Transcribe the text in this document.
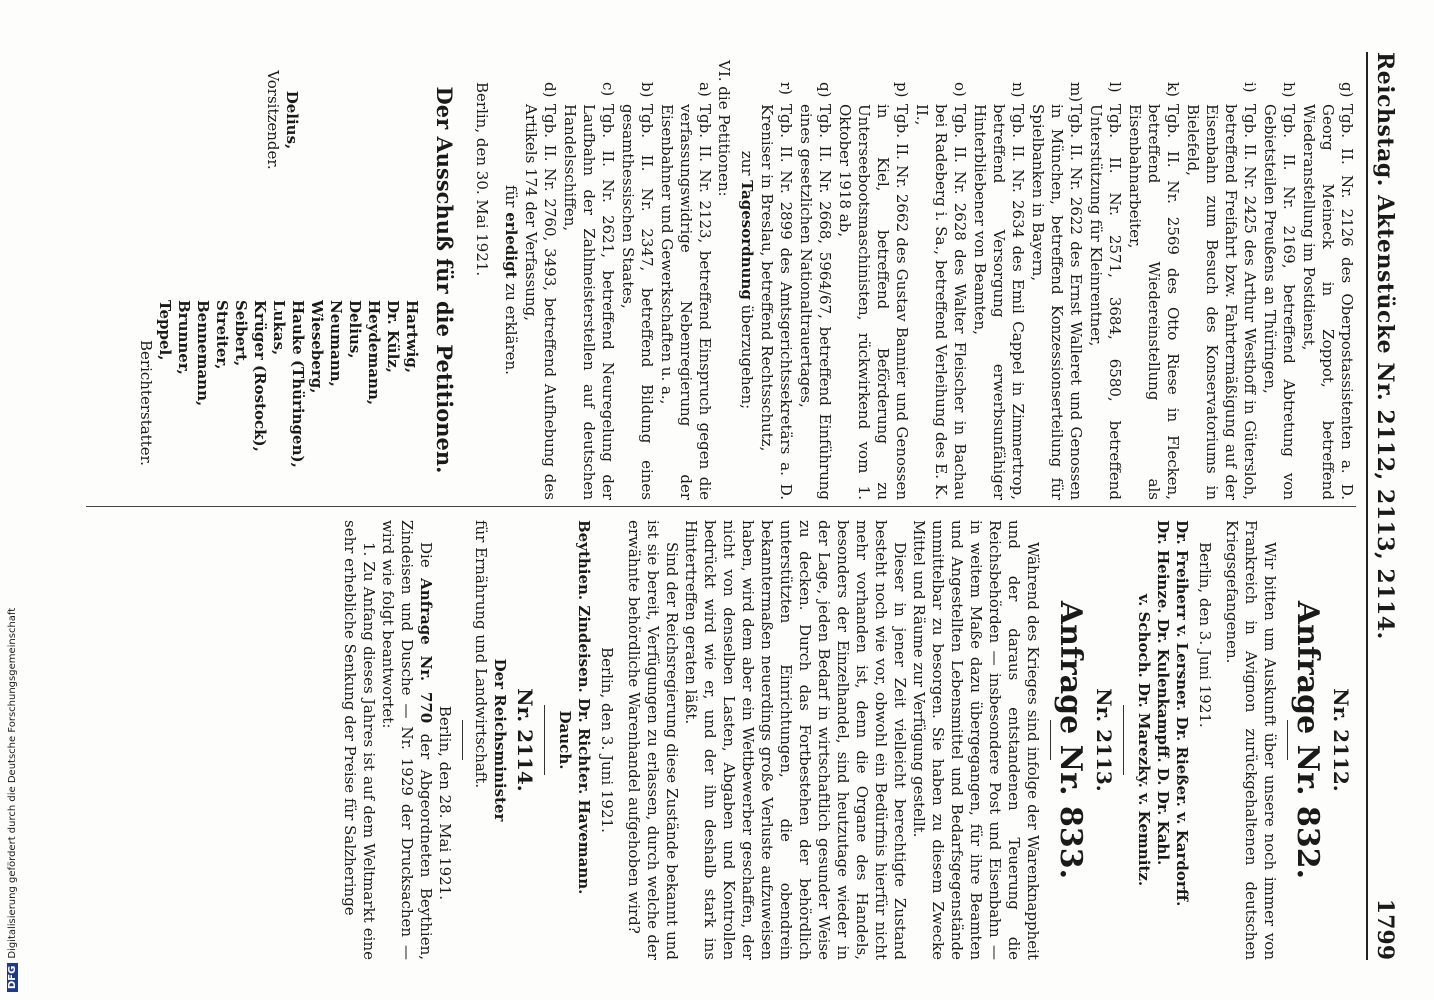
Reichstag. Aktenstücke Nr. 2112, 2113, 2114.
1799
g)
Tgb. II. Nr. 2126 des Oberpostassistenten a. D. Georg Meineck in Zoppot, betreffend Wiederanstellung im Postdienst,
h)
Tgb. II. Nr. 2169, betreffend Abtretung von Gebietsteilen Preußens an Thüringen,
i)
Tgb. II. Nr. 2425 des Arthur Westhoff in Gütersloh, betreffend Freifahrt bzw. Fahrtermäßigung auf der Eisenbahn zum Besuch des Konservatoriums in Bielefeld,
k)
Tgb. II. Nr. 2569 des Otto Riese in Flecken, betreffend Wiedereinstellung als Eisenbahnarbeiter,
l)
Tgb. II. Nr. 2571, 3684, 6580, betreffend Unterstützung für Kleinrentner,
m)
Tgb. II. Nr. 2622 des Ernst Walleret und Genossen in München, betreffend Konzessionserteilung für Spielbanken in Bayern,
n)
Tgb. II. Nr. 2634 des Emil Cappel in Zimmertrop, betreffend Versorgung erwerbsunfähiger Hinterbliebener von Beamten,
o)
Tgb. II. Nr. 2628 des Walter Fleischer in Bachau bei Radeberg i. Sa., betreffend Verleihung des E. K. II.,
p)
Tgb. II. Nr. 2662 des Gustav Bannier und Genossen in Kiel, betreffend Beförderung zu Unterseebootsmaschinisten, rückwirkend vom 1. Oktober 1918 ab,
q)
Tgb. II. Nr. 2668, 5964/67, betreffend Einführung eines gesetzlichen Nationaltrauertages,
r)
Tgb. II. Nr. 2899 des Amtsgerichtssekretärs a. D. Kreniser in Breslau, betreffend Rechtsschutz,

zur Tagesordnung überzugehen;

VI. die Petitionen:

a)
Tgb. II. Nr. 2123, betreffend Einspruch gegen die verfassungswidrige Nebenregierung der Eisenbahner und Gewerkschaften u. a.,
b)
Tgb. II. Nr. 2347, betreffend Bildung eines gesamthessischen Staates,
c)
Tgb. II. Nr. 2621, betreffend Neuregelung der Laufbahn der Zahlmeisterstellen auf deutschen Handelsschiffen,
d)
Tgb. II. Nr. 2760, 3493, betreffend Aufhebung des Artikels 174 der Verfassung,

für erledigt zu erklären.

Berlin, den 30. Mai 1921.

Der Ausschuß für die Petitionen.
Delius,
Vorsitzender.
Hartwig,
Dr. Külz,
Heydemann,
Delius,
Neumann,
Wieseberg,
Hauke (Thüringen),
Lukas,
Krüger (Rostock),
Seibert,
Streiter,
Bennemann,
Brunner,
Teppel,
Berichterstatter.
Nr. 2112.
Anfrage Nr. 832.

Wir bitten um Auskunft über unsere noch immer von Frankreich in Avignon zurückgehaltenen deutschen Kriegsgefangenen.

Berlin, den 3. Juni 1921.

Dr. Freiherr v. Lersner. Dr. Rießer. v. Kardorff.

Dr. Heinze. Dr. Kulenkampff. D. Dr. Kahl.

v. Schoch. Dr. Marezky. v. Kemnitz.

Nr. 2113.
Anfrage Nr. 833.

Während des Krieges sind infolge der Warenknappheit und der daraus entstandenen Teuerung die Reichsbehörden — insbesondere Post und Eisenbahn — in weitem Maße dazu übergegangen, für ihre Beamten und Angestellten Lebensmittel und Bedarfsgegenstände unmittelbar zu besorgen. Sie haben zu diesem Zwecke Mittel und Räume zur Verfügung gestellt.

Dieser in jener Zeit vielleicht berechtigte Zustand besteht noch wie vor, obwohl ein Bedürfnis hierfür nicht mehr vorhanden ist, denn die Organe des Handels, besonders der Einzelhandel, sind heutzutage wieder in der Lage, jeden Bedarf in wirtschaftlich gesunder Weise zu decken. Durch das Fortbestehen der behördlich unterstützten Einrichtungen, die obendrein bekanntermaßen neuerdings große Verluste aufzuweisen haben, wird dem aber ein Wettbewerber geschaffen, der nicht von denselben Lasten, Abgaben und Kontrollen bedrückt wird wie er, und der ihn deshalb stark ins Hintertreffen geraten läßt.

Sind der Reichsregierung diese Zustände bekannt und ist sie bereit, Verfügungen zu erlassen, durch welche der erwähnte behördliche Warenhandel aufgehoben wird?

Berlin, den 3. Juni 1921.

Beythien. Zindeisen. Dr. Richter. Havemann.

Dauch.

Nr. 2114.

Der Reichsminister

für Ernährung und Landwirtschaft.

Berlin, den 28. Mai 1921.

Die Anfrage Nr. 770 der Abgeordneten Beythien, Zindeisen und Dusche — Nr. 1929 der Drucksachen — wird wie folgt beantwortet:

1. Zu Anfang dieses Jahres ist auf dem Weltmarkt eine sehr erhebliche Senkung der Preise für Salzheringe

DFGDigitalisierung gefördert durch die Deutsche Forschungsgemeinschaft
